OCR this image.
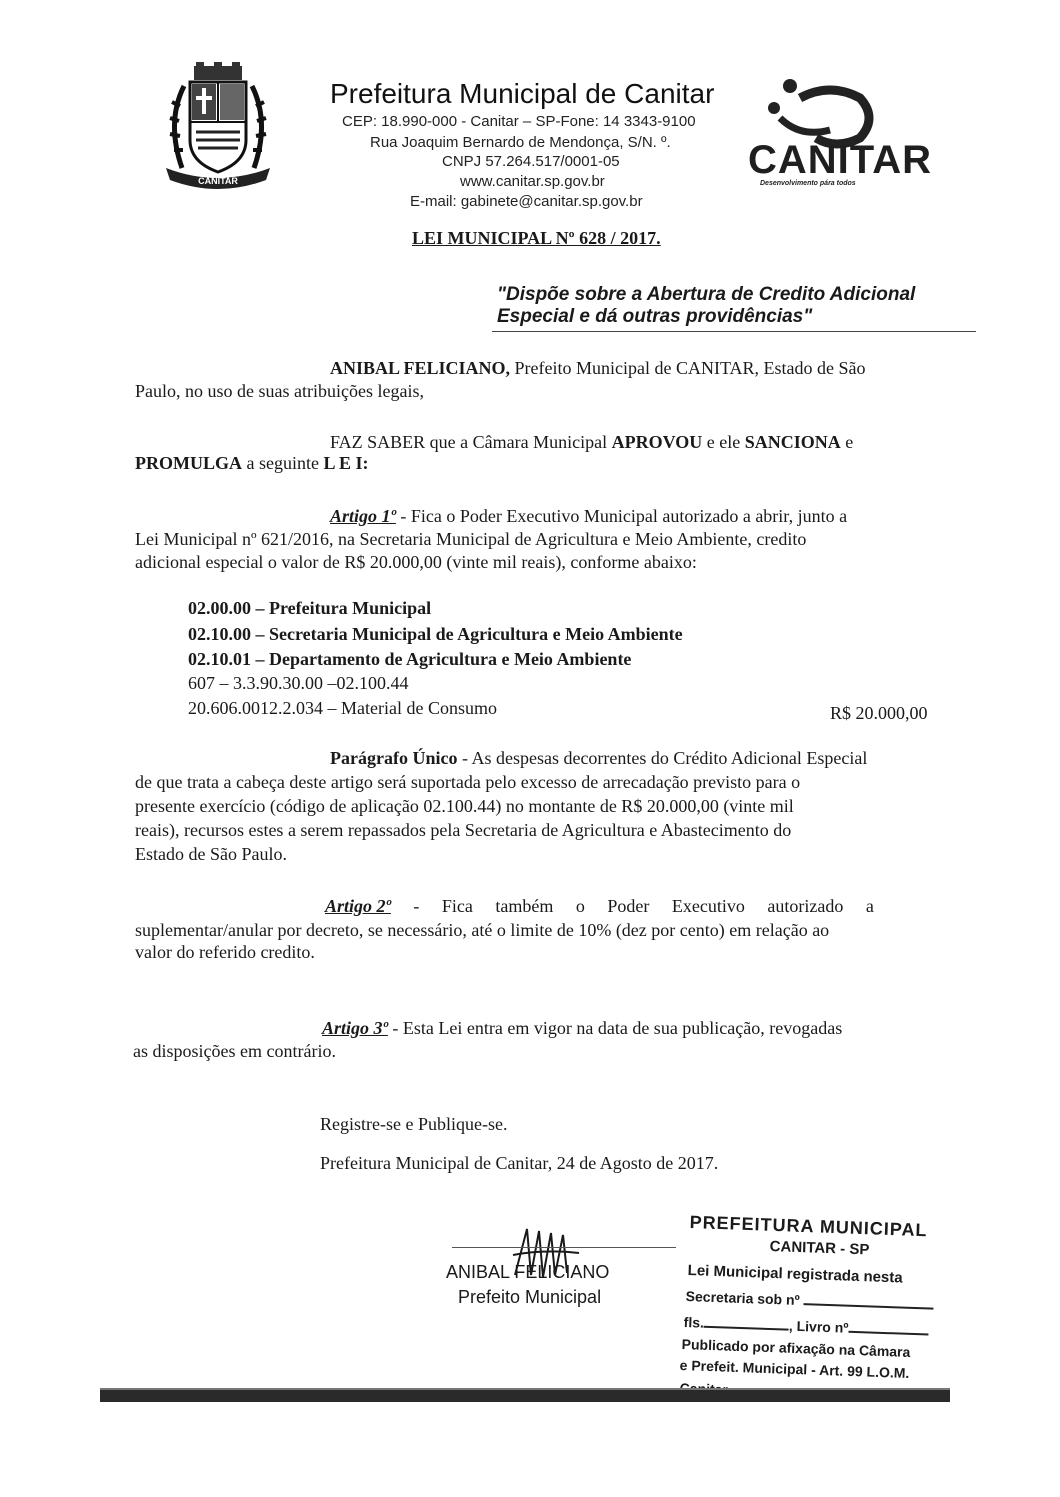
CANITAR
Prefeitura Municipal de Canitar
CEP: 18.990-000 - Canitar – SP-Fone: 14 3343-9100
Rua Joaquim Bernardo de Mendonça, S/N. º.
CNPJ 57.264.517/0001-05
www.canitar.sp.gov.br
E-mail: gabinete@canitar.sp.gov.br
CANITAR
Desenvolvimento pára todos
LEI MUNICIPAL Nº 628 / 2017.
"Dispõe sobre a Abertura de Credito Adicional
Especial e dá outras providências"
ANIBAL FELICIANO, Prefeito Municipal de CANITAR, Estado de São
Paulo, no uso de suas atribuições legais,
FAZ SABER que a Câmara Municipal APROVOU e ele SANCIONA e
PROMULGA a seguinte L E I:
Artigo 1º - Fica o Poder Executivo Municipal autorizado a abrir, junto a
Lei Municipal nº 621/2016, na Secretaria Municipal de Agricultura e Meio Ambiente, credito
adicional especial o valor de R$ 20.000,00 (vinte mil reais), conforme abaixo:
02.00.00 – Prefeitura Municipal
02.10.00 – Secretaria Municipal de Agricultura e Meio Ambiente
02.10.01 – Departamento de Agricultura e Meio Ambiente
607 – 3.3.90.30.00 –02.100.44
20.606.0012.2.034 – Material de Consumo	R$ 20.000,00
Parágrafo Único - As despesas decorrentes do Crédito Adicional Especial
de que trata a cabeça deste artigo será suportada pelo excesso de arrecadação previsto para o
presente exercício (código de aplicação 02.100.44) no montante de R$ 20.000,00 (vinte mil
reais), recursos estes a serem repassados pela Secretaria de Agricultura e Abastecimento do
Estado de São Paulo.
Artigo 2º - Fica também o Poder Executivo autorizado a
suplementar/anular por decreto, se necessário, até o limite de 10% (dez por cento) em relação ao
valor do referido credito.
Artigo 3º - Esta Lei entra em vigor na data de sua publicação, revogadas
as disposições em contrário.
Registre-se e Publique-se.
Prefeitura Municipal de Canitar, 24 de Agosto de 2017.
ANIBAL FELICIANO
Prefeito Municipal
PREFEITURA MUNICIPAL
CANITAR - SP
Lei Municipal registrada nesta
Secretaria sob nº
fls.	, Livro nº
Publicado por afixação na Câmara
e Prefeit. Municipal - Art. 99 L.O.M.
